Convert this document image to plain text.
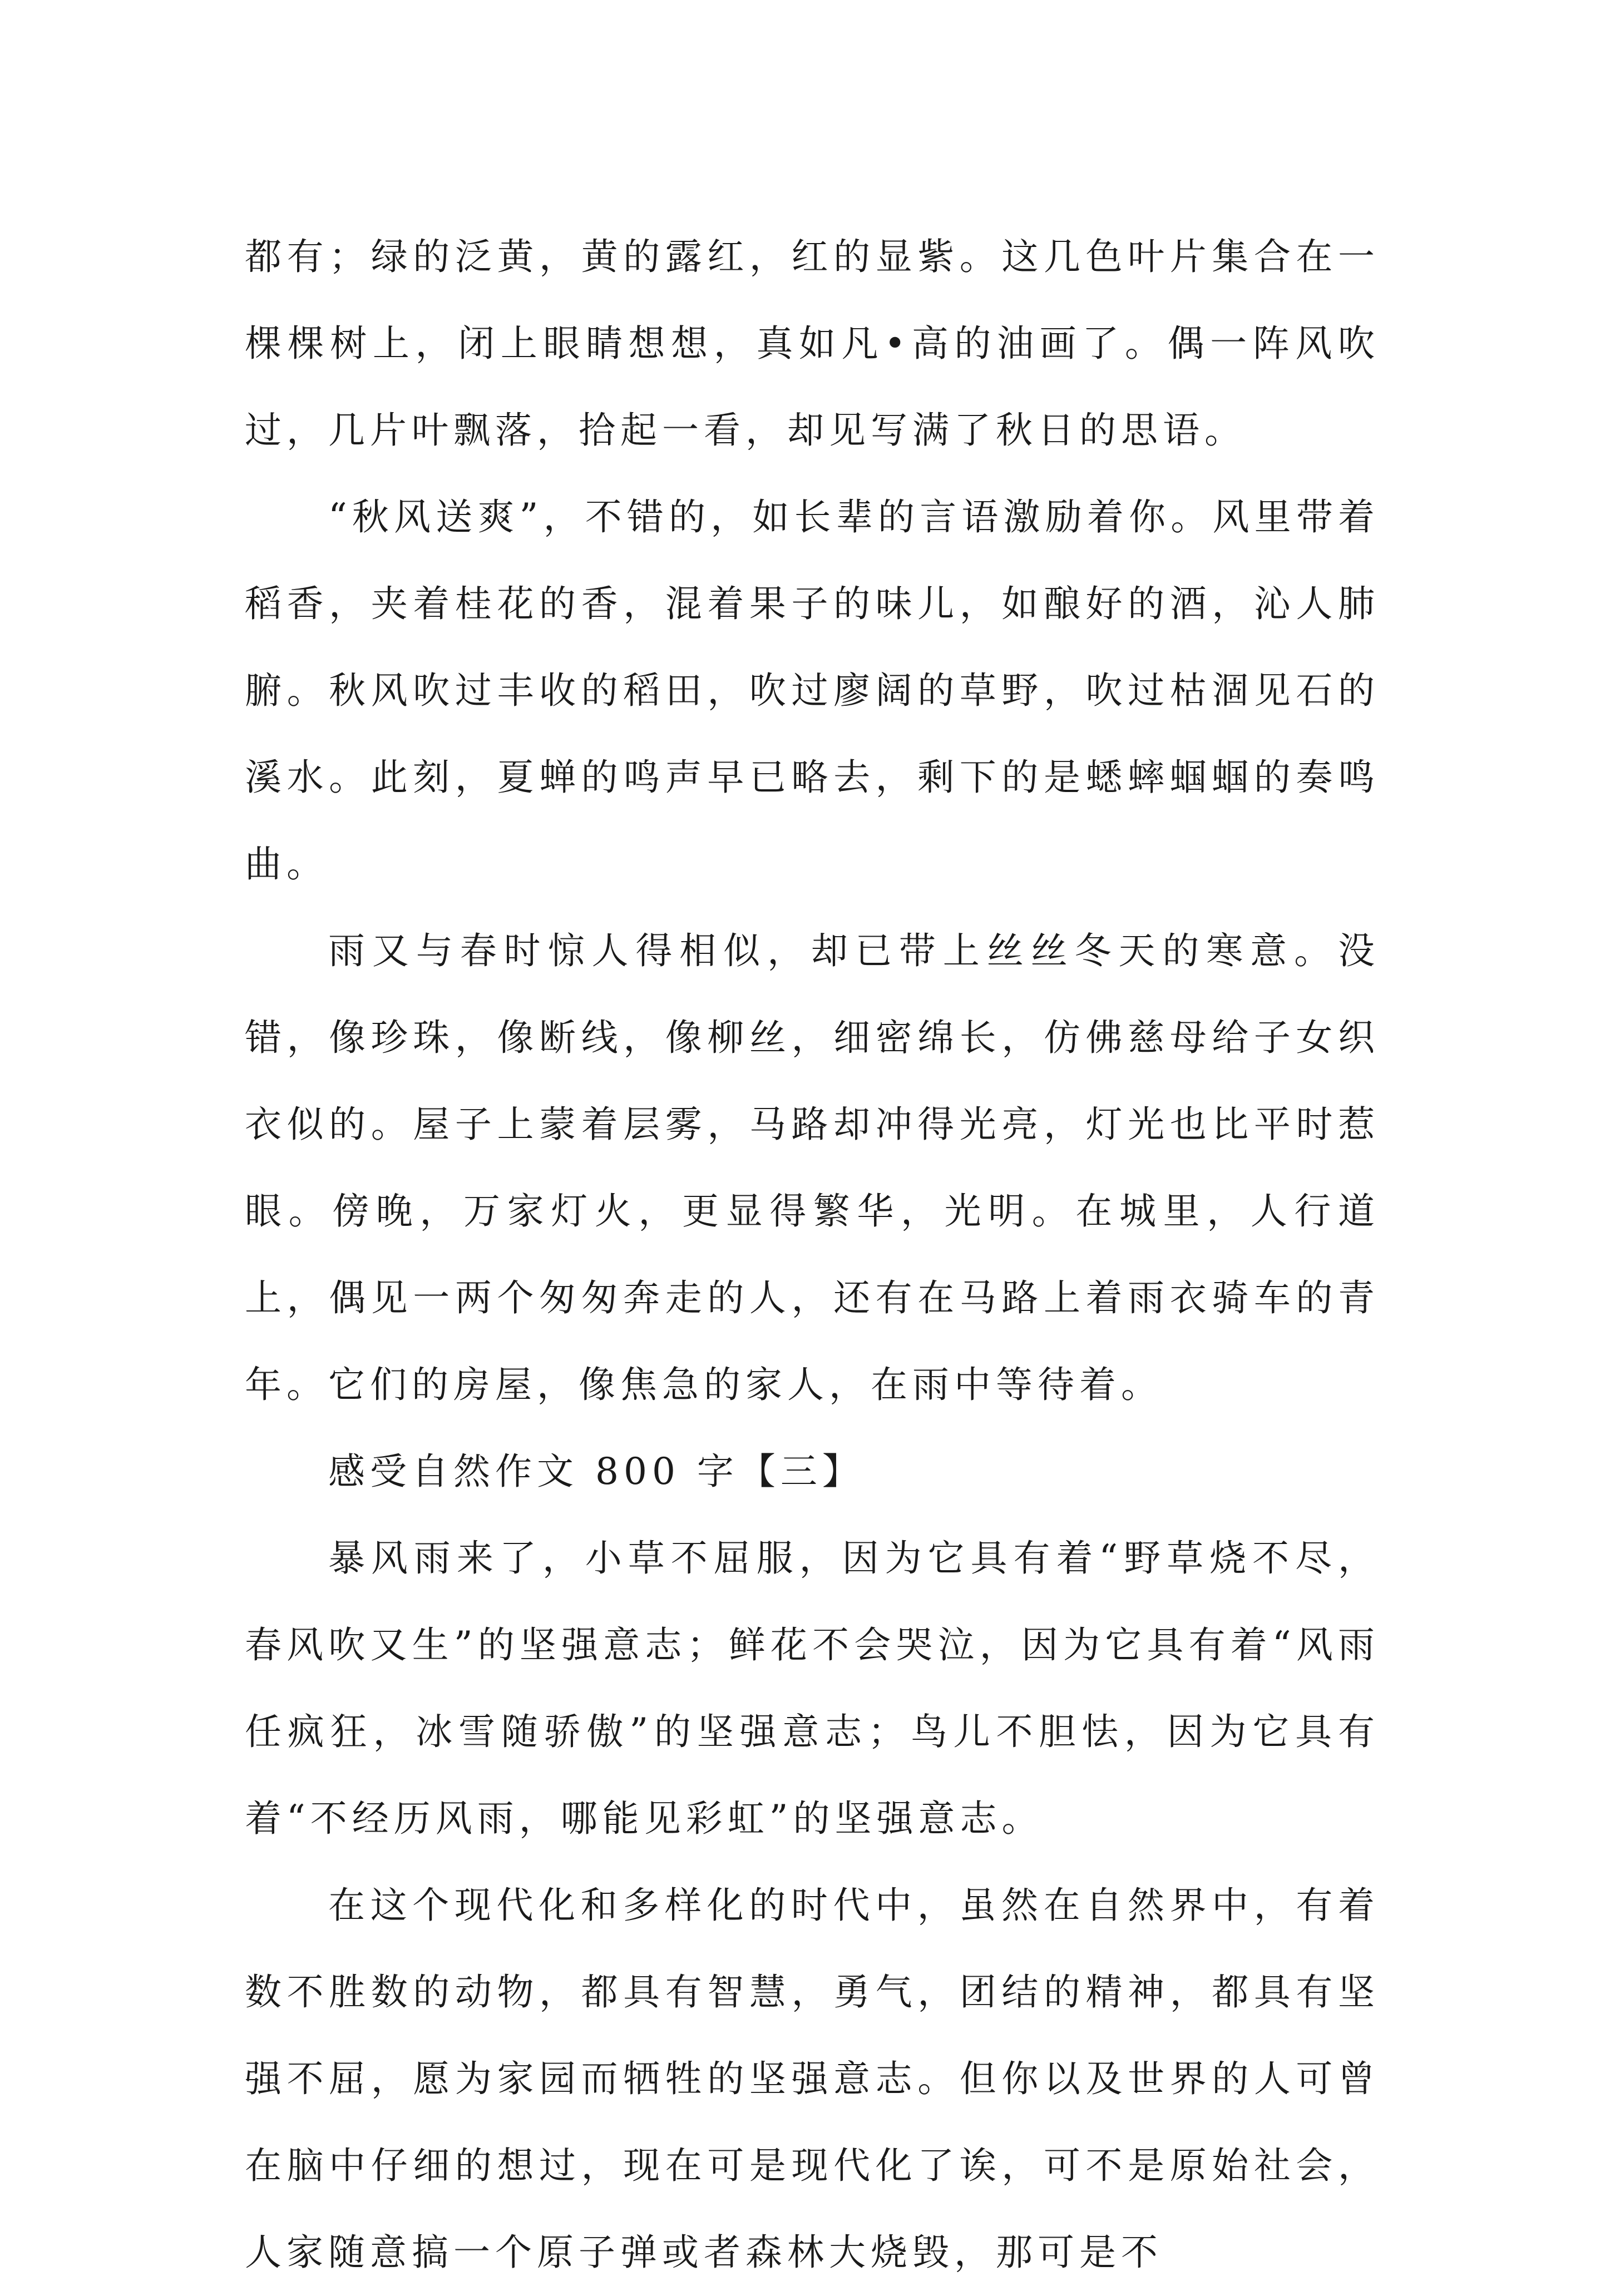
都有；绿的泛黄，黄的露红，红的显紫。这几色叶片集合在一棵棵树上，闭上眼睛想想，真如凡•高的油画了。偶一阵风吹过，几片叶飘落，拾起一看，却见写满了秋日的思语。

“秋风送爽”，不错的，如长辈的言语激励着你。风里带着稻香，夹着桂花的香，混着果子的味儿，如酿好的酒，沁人肺腑。秋风吹过丰收的稻田，吹过廖阔的草野，吹过枯涸见石的溪水。此刻，夏蝉的鸣声早已略去，剩下的是蟋蟀蝈蝈的奏鸣曲。

雨又与春时惊人得相似，却已带上丝丝冬天的寒意。没错，像珍珠，像断线，像柳丝，细密绵长，仿佛慈母给子女织衣似的。屋子上蒙着层雾，马路却冲得光亮，灯光也比平时惹眼。傍晚，万家灯火，更显得繁华，光明。在城里，人行道上，偶见一两个匆匆奔走的人，还有在马路上着雨衣骑车的青年。它们的房屋，像焦急的家人，在雨中等待着。

感受自然作文 800 字【三】

暴风雨来了，小草不屈服，因为它具有着“野草烧不尽，春风吹又生”的坚强意志；鲜花不会哭泣，因为它具有着“风雨任疯狂，冰雪随骄傲”的坚强意志；鸟儿不胆怯，因为它具有着“不经历风雨，哪能见彩虹”的坚强意志。

在这个现代化和多样化的时代中，虽然在自然界中，有着数不胜数的动物，都具有智慧，勇气，团结的精神，都具有坚强不屈，愿为家园而牺牲的坚强意志。但你以及世界的人可曾在脑中仔细的想过，现在可是现代化了诶，可不是原始社会，人家随意搞一个原子弹或者森林大烧毁，那可是不
